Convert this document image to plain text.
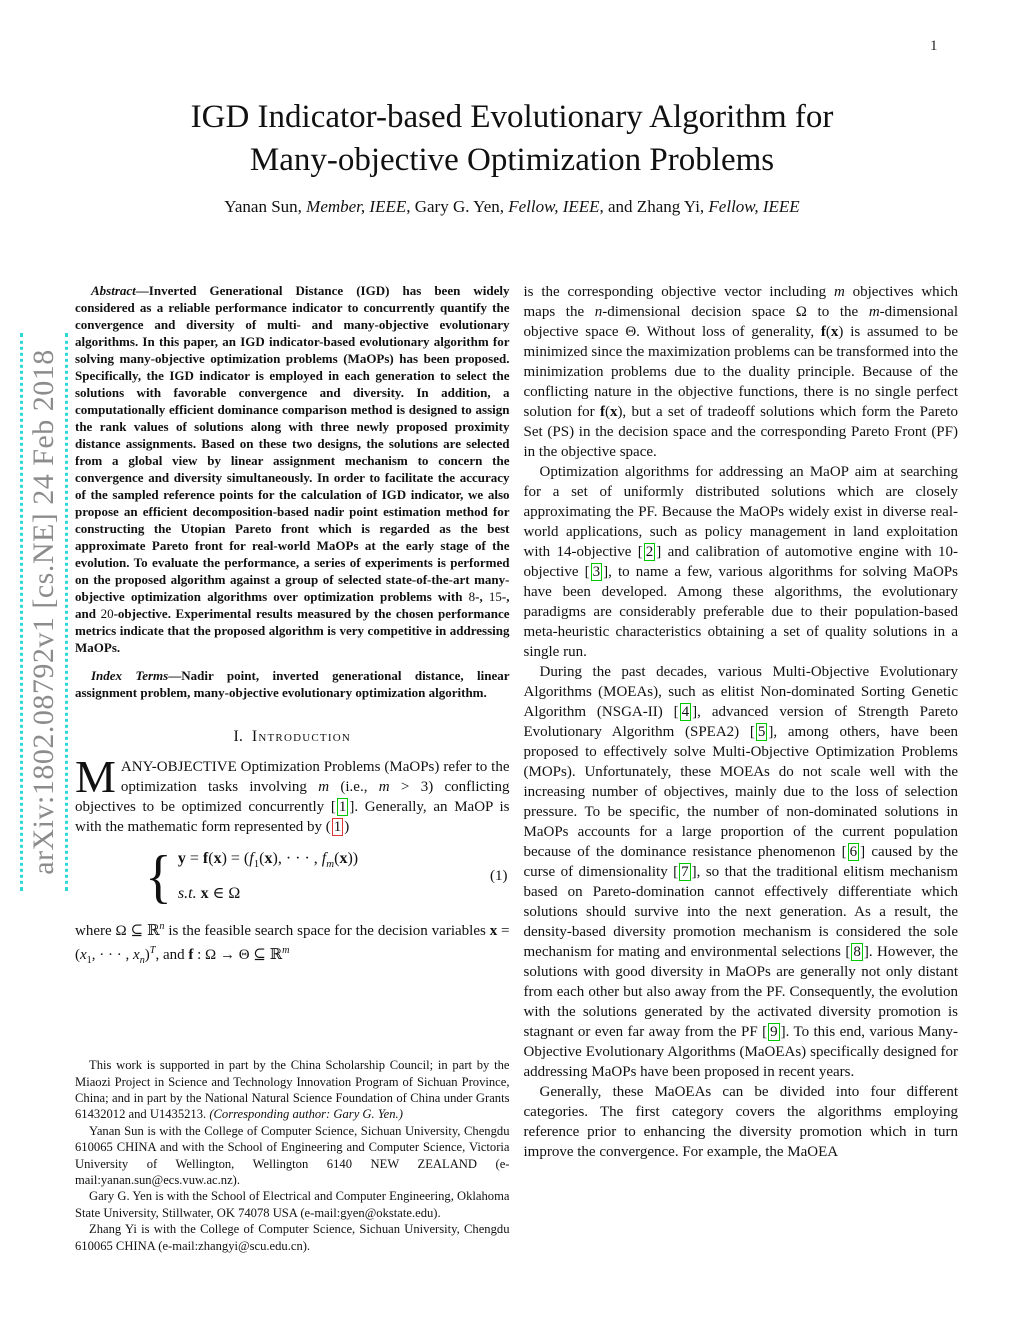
1
arXiv:1802.08792v1 [cs.NE] 24 Feb 2018
IGD Indicator-based Evolutionary Algorithm for
Many-objective Optimization Problems
Yanan Sun, Member, IEEE, Gary G. Yen, Fellow, IEEE, and Zhang Yi, Fellow, IEEE

Abstract—Inverted Generational Distance (IGD) has been widely considered as a reliable performance indicator to concurrently quantify the convergence and diversity of multi- and many-objective evolutionary algorithms. In this paper, an IGD indicator-based evolutionary algorithm for solving many-objective optimization problems (MaOPs) has been proposed. Specifically, the IGD indicator is employed in each generation to select the solutions with favorable convergence and diversity. In addition, a computationally efficient dominance comparison method is designed to assign the rank values of solutions along with three newly proposed proximity distance assignments. Based on these two designs, the solutions are selected from a global view by linear assignment mechanism to concern the convergence and diversity simultaneously. In order to facilitate the accuracy of the sampled reference points for the calculation of IGD indicator, we also propose an efficient decomposition-based nadir point estimation method for constructing the Utopian Pareto front which is regarded as the best approximate Pareto front for real-world MaOPs at the early stage of the evolution. To evaluate the performance, a series of experiments is performed on the proposed algorithm against a group of selected state-of-the-art many-objective optimization algorithms over optimization problems with 8-, 15-, and 20-objective. Experimental results measured by the chosen performance metrics indicate that the proposed algorithm is very competitive in addressing MaOPs.

Index Terms—Nadir point, inverted generational distance, linear assignment problem, many-objective evolutionary optimization algorithm.

I. Introduction

MANY-OBJECTIVE Optimization Problems (MaOPs) refer to the optimization tasks involving m (i.e., m > 3) conflicting objectives to be optimized concurrently [ 1 ]. Generally, an MaOP is with the mathematic form represented by ( 1 )

{ $y = f(x) = (f_1(x)$, · · · , $f_m(x)$)
s.t. x ∈ Ω
(1)

where Ω ⊆ ℝ$^n$ is the feasible search space for the decision variables $x = (x_1$, · · · , $x_n)^T$, and f : Ω → Θ ⊆ ℝ$^m$

This work is supported in part by the China Scholarship Council; in part by the Miaozi Project in Science and Technology Innovation Program of Sichuan Province, China; and in part by the National Natural Science Foundation of China under Grants 61432012 and U1435213. (Corresponding author: Gary G. Yen.)

Yanan Sun is with the College of Computer Science, Sichuan University, Chengdu 610065 CHINA and with the School of Engineering and Computer Science, Victoria University of Wellington, Wellington 6140 NEW ZEALAND (e-mail:yanan.sun@ecs.vuw.ac.nz).

Gary G. Yen is with the School of Electrical and Computer Engineering, Oklahoma State University, Stillwater, OK 74078 USA (e-mail:gyen@okstate.edu).

Zhang Yi is with the College of Computer Science, Sichuan University, Chengdu 610065 CHINA (e-mail:zhangyi@scu.edu.cn).

is the corresponding objective vector including m objectives which maps the n-dimensional decision space Ω to the m-dimensional objective space Θ. Without loss of generality, f(x) is assumed to be minimized since the maximization problems can be transformed into the minimization problems due to the duality principle. Because of the conflicting nature in the objective functions, there is no single perfect solution for f(x), but a set of tradeoff solutions which form the Pareto Set (PS) in the decision space and the corresponding Pareto Front (PF) in the objective space.

Optimization algorithms for addressing an MaOP aim at searching for a set of uniformly distributed solutions which are closely approximating the PF. Because the MaOPs widely exist in diverse real-world applications, such as policy management in land exploitation with 14-objective [ 2 ] and calibration of automotive engine with 10-objective [ 3 ], to name a few, various algorithms for solving MaOPs have been developed. Among these algorithms, the evolutionary paradigms are considerably preferable due to their population-based meta-heuristic characteristics obtaining a set of quality solutions in a single run.

During the past decades, various Multi-Objective Evolutionary Algorithms (MOEAs), such as elitist Non-dominated Sorting Genetic Algorithm (NSGA-II) [ 4 ], advanced version of Strength Pareto Evolutionary Algorithm (SPEA2) [ 5 ], among others, have been proposed to effectively solve Multi-Objective Optimization Problems (MOPs). Unfortunately, these MOEAs do not scale well with the increasing number of objectives, mainly due to the loss of selection pressure. To be specific, the number of non-dominated solutions in MaOPs accounts for a large proportion of the current population because of the dominance resistance phenomenon [ 6 ] caused by the curse of dimensionality [ 7 ], so that the traditional elitism mechanism based on Pareto-domination cannot effectively differentiate which solutions should survive into the next generation. As a result, the density-based diversity promotion mechanism is considered the sole mechanism for mating and environmental selections [ 8 ]. However, the solutions with good diversity in MaOPs are generally not only distant from each other but also away from the PF. Consequently, the evolution with the solutions generated by the activated diversity promotion is stagnant or even far away from the PF [ 9 ]. To this end, various Many-Objective Evolutionary Algorithms (MaOEAs) specifically designed for addressing MaOPs have been proposed in recent years.

Generally, these MaOEAs can be divided into four different categories. The first category covers the algorithms employing reference prior to enhancing the diversity promotion which in turn improve the convergence. For example, the MaOEA
